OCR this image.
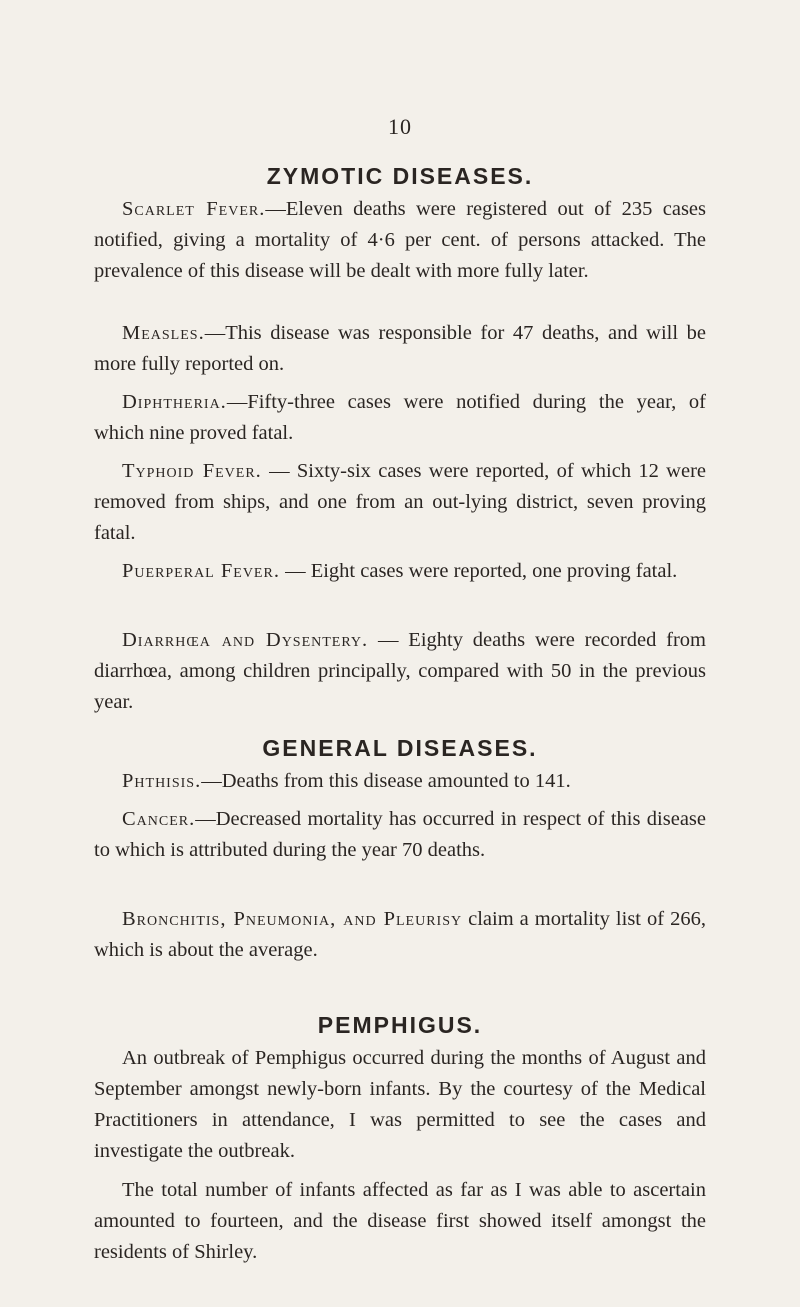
10
ZYMOTIC DISEASES.

Scarlet Fever.—Eleven deaths were registered out of 235 cases notified, giving a mortality of 4·6 per cent. of persons attacked. The prevalence of this disease will be dealt with more fully later.

Measles.—This disease was responsible for 47 deaths, and will be more fully reported on.

Diphtheria.—Fifty-three cases were notified during the year, of which nine proved fatal.

Typhoid Fever. — Sixty-six cases were reported, of which 12 were removed from ships, and one from an out-lying district, seven proving fatal.

Puerperal Fever. — Eight cases were reported, one proving fatal.

Diarrhœa and Dysentery. — Eighty deaths were recorded from diarrhœa, among children principally, compared with 50 in the previous year.

GENERAL DISEASES.

Phthisis.—Deaths from this disease amounted to 141.

Cancer.—Decreased mortality has occurred in respect of this disease to which is attributed during the year 70 deaths.

Bronchitis, Pneumonia, and Pleurisy claim a mortality list of 266, which is about the average.

PEMPHIGUS.

An outbreak of Pemphigus occurred during the months of August and September amongst newly-born infants. By the courtesy of the Medical Practitioners in attendance, I was permitted to see the cases and investigate the outbreak.

The total number of infants affected as far as I was able to ascertain amounted to fourteen, and the disease first showed itself amongst the residents of Shirley.
